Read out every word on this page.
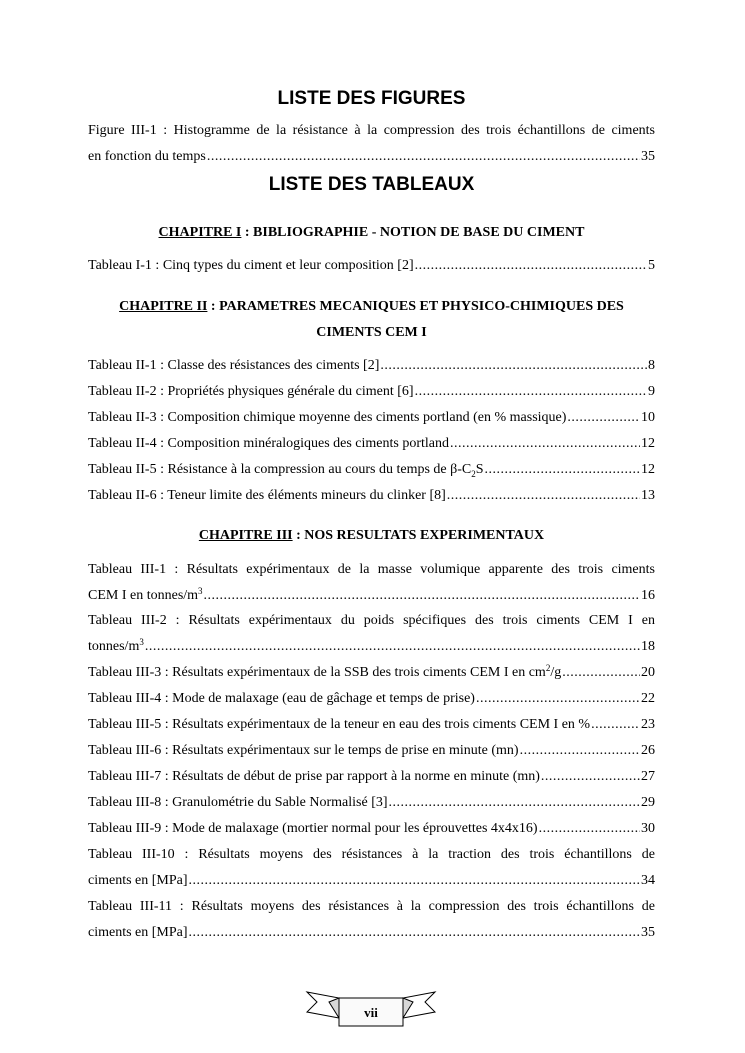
LISTE DES FIGURES
Figure III-1 : Histogramme de la résistance à la compression des trois échantillons de ciments
en fonction du temps .....	35
LISTE DES TABLEAUX
CHAPITRE I : BIBLIOGRAPHIE - NOTION DE BASE DU CIMENT
Tableau I-1 : Cinq types du ciment et leur composition [2] .....	5
CHAPITRE II : PARAMETRES MECANIQUES ET PHYSICO-CHIMIQUES DES
CIMENTS CEM I
Tableau II-1 : Classe des résistances des ciments [2] .....	8
Tableau II-2 : Propriétés physiques générale du ciment [6] .....	9
Tableau II-3 : Composition chimique moyenne des ciments portland (en % massique) .....	10
Tableau II-4 : Composition minéralogiques des ciments portland .....	12
Tableau II-5 : Résistance à la compression au cours du temps de $\beta-C_2S$ .....	12
Tableau II-6 : Teneur limite des éléments mineurs du clinker [8] .....	13
CHAPITRE III : NOS RESULTATS EXPERIMENTAUX
Tableau III-1 : Résultats expérimentaux de la masse volumique apparente des trois ciments
CEM I en tonnes/$m^3$ .....	16
Tableau III-2 : Résultats expérimentaux du poids spécifiques des trois ciments CEM I en
tonnes/$m^3$ .....	18
Tableau III-3 : Résultats expérimentaux de la SSB des trois ciments CEM I en $cm^2/g$ .....	20
Tableau III-4 : Mode de malaxage (eau de gâchage et temps de prise) .....	22
Tableau III-5 : Résultats expérimentaux de la teneur en eau des trois ciments CEM I en % .....	23
Tableau III-6 : Résultats expérimentaux sur le temps de prise en minute (mn) .....	26
Tableau III-7 : Résultats de début de prise par rapport à la norme en minute (mn) .....	27
Tableau III-8 : Granulométrie du Sable Normalisé [3] .....	29
Tableau III-9 : Mode de malaxage (mortier normal pour les éprouvettes 4x4x16) .....	30
Tableau III-10 : Résultats moyens des résistances à la traction des trois échantillons de
ciments en [MPa] .....	34
Tableau III-11 : Résultats moyens des résistances à la compression des trois échantillons de
ciments en [MPa] .....	35
vii
